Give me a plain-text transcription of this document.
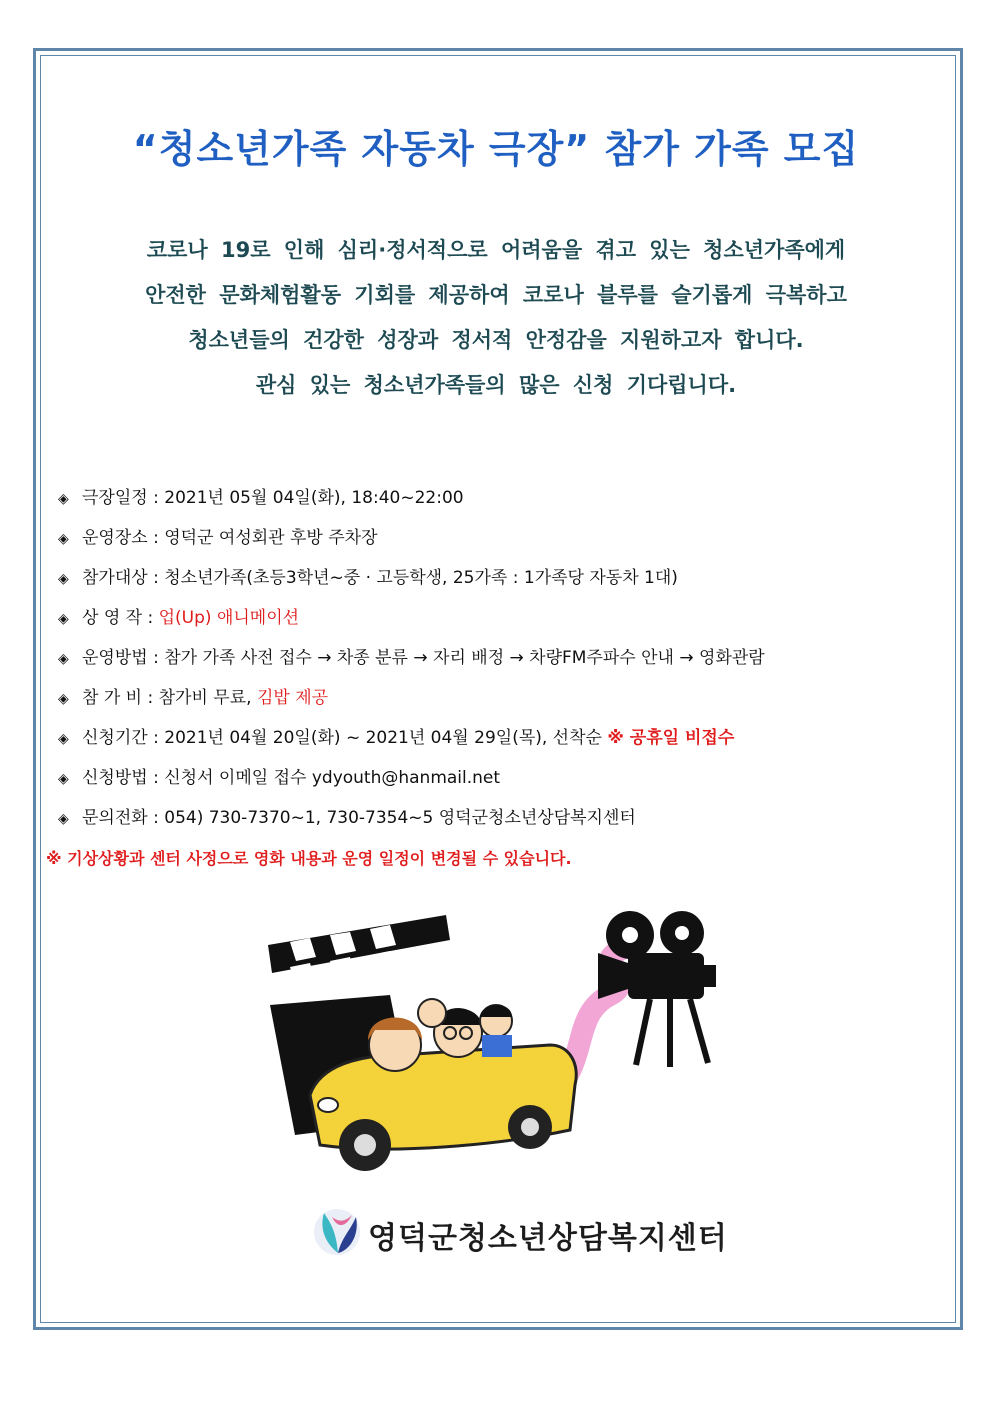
“청소년가족 자동차 극장” 참가 가족 모집
코로나 19로 인해 심리·정서적으로 어려움을 겪고 있는 청소년가족에게
안전한 문화체험활동 기회를 제공하여 코로나 블루를 슬기롭게 극복하고
청소년들의 건강한 성장과 정서적 안정감을 지원하고자 합니다.
관심 있는 청소년가족들의 많은 신청 기다립니다.
◈ 극장일정 : 2021년 05월 04일(화), 18:40~22:00
◈ 운영장소 : 영덕군 여성회관 후방 주차장
◈ 참가대상 : 청소년가족(초등3학년~중 · 고등학생, 25가족 : 1가족당 자동차 1대)
◈ 상 영 작 : 업(Up) 애니메이션
◈ 운영방법 : 참가 가족 사전 접수 → 차종 분류 → 자리 배정 → 차량FM주파수 안내 → 영화관람
◈ 참 가 비 : 참가비 무료, 김밥 제공
◈ 신청기간 : 2021년 04월 20일(화) ~ 2021년 04월 29일(목), 선착순 ※ 공휴일 비접수
◈ 신청방법 : 신청서 이메일 접수 ydyouth@hanmail.net
◈ 문의전화 : 054) 730-7370~1, 730-7354~5 영덕군청소년상담복지센터
※ 기상상황과 센터 사정으로 영화 내용과 운영 일정이 변경될 수 있습니다.
영덕군청소년상담복지센터
